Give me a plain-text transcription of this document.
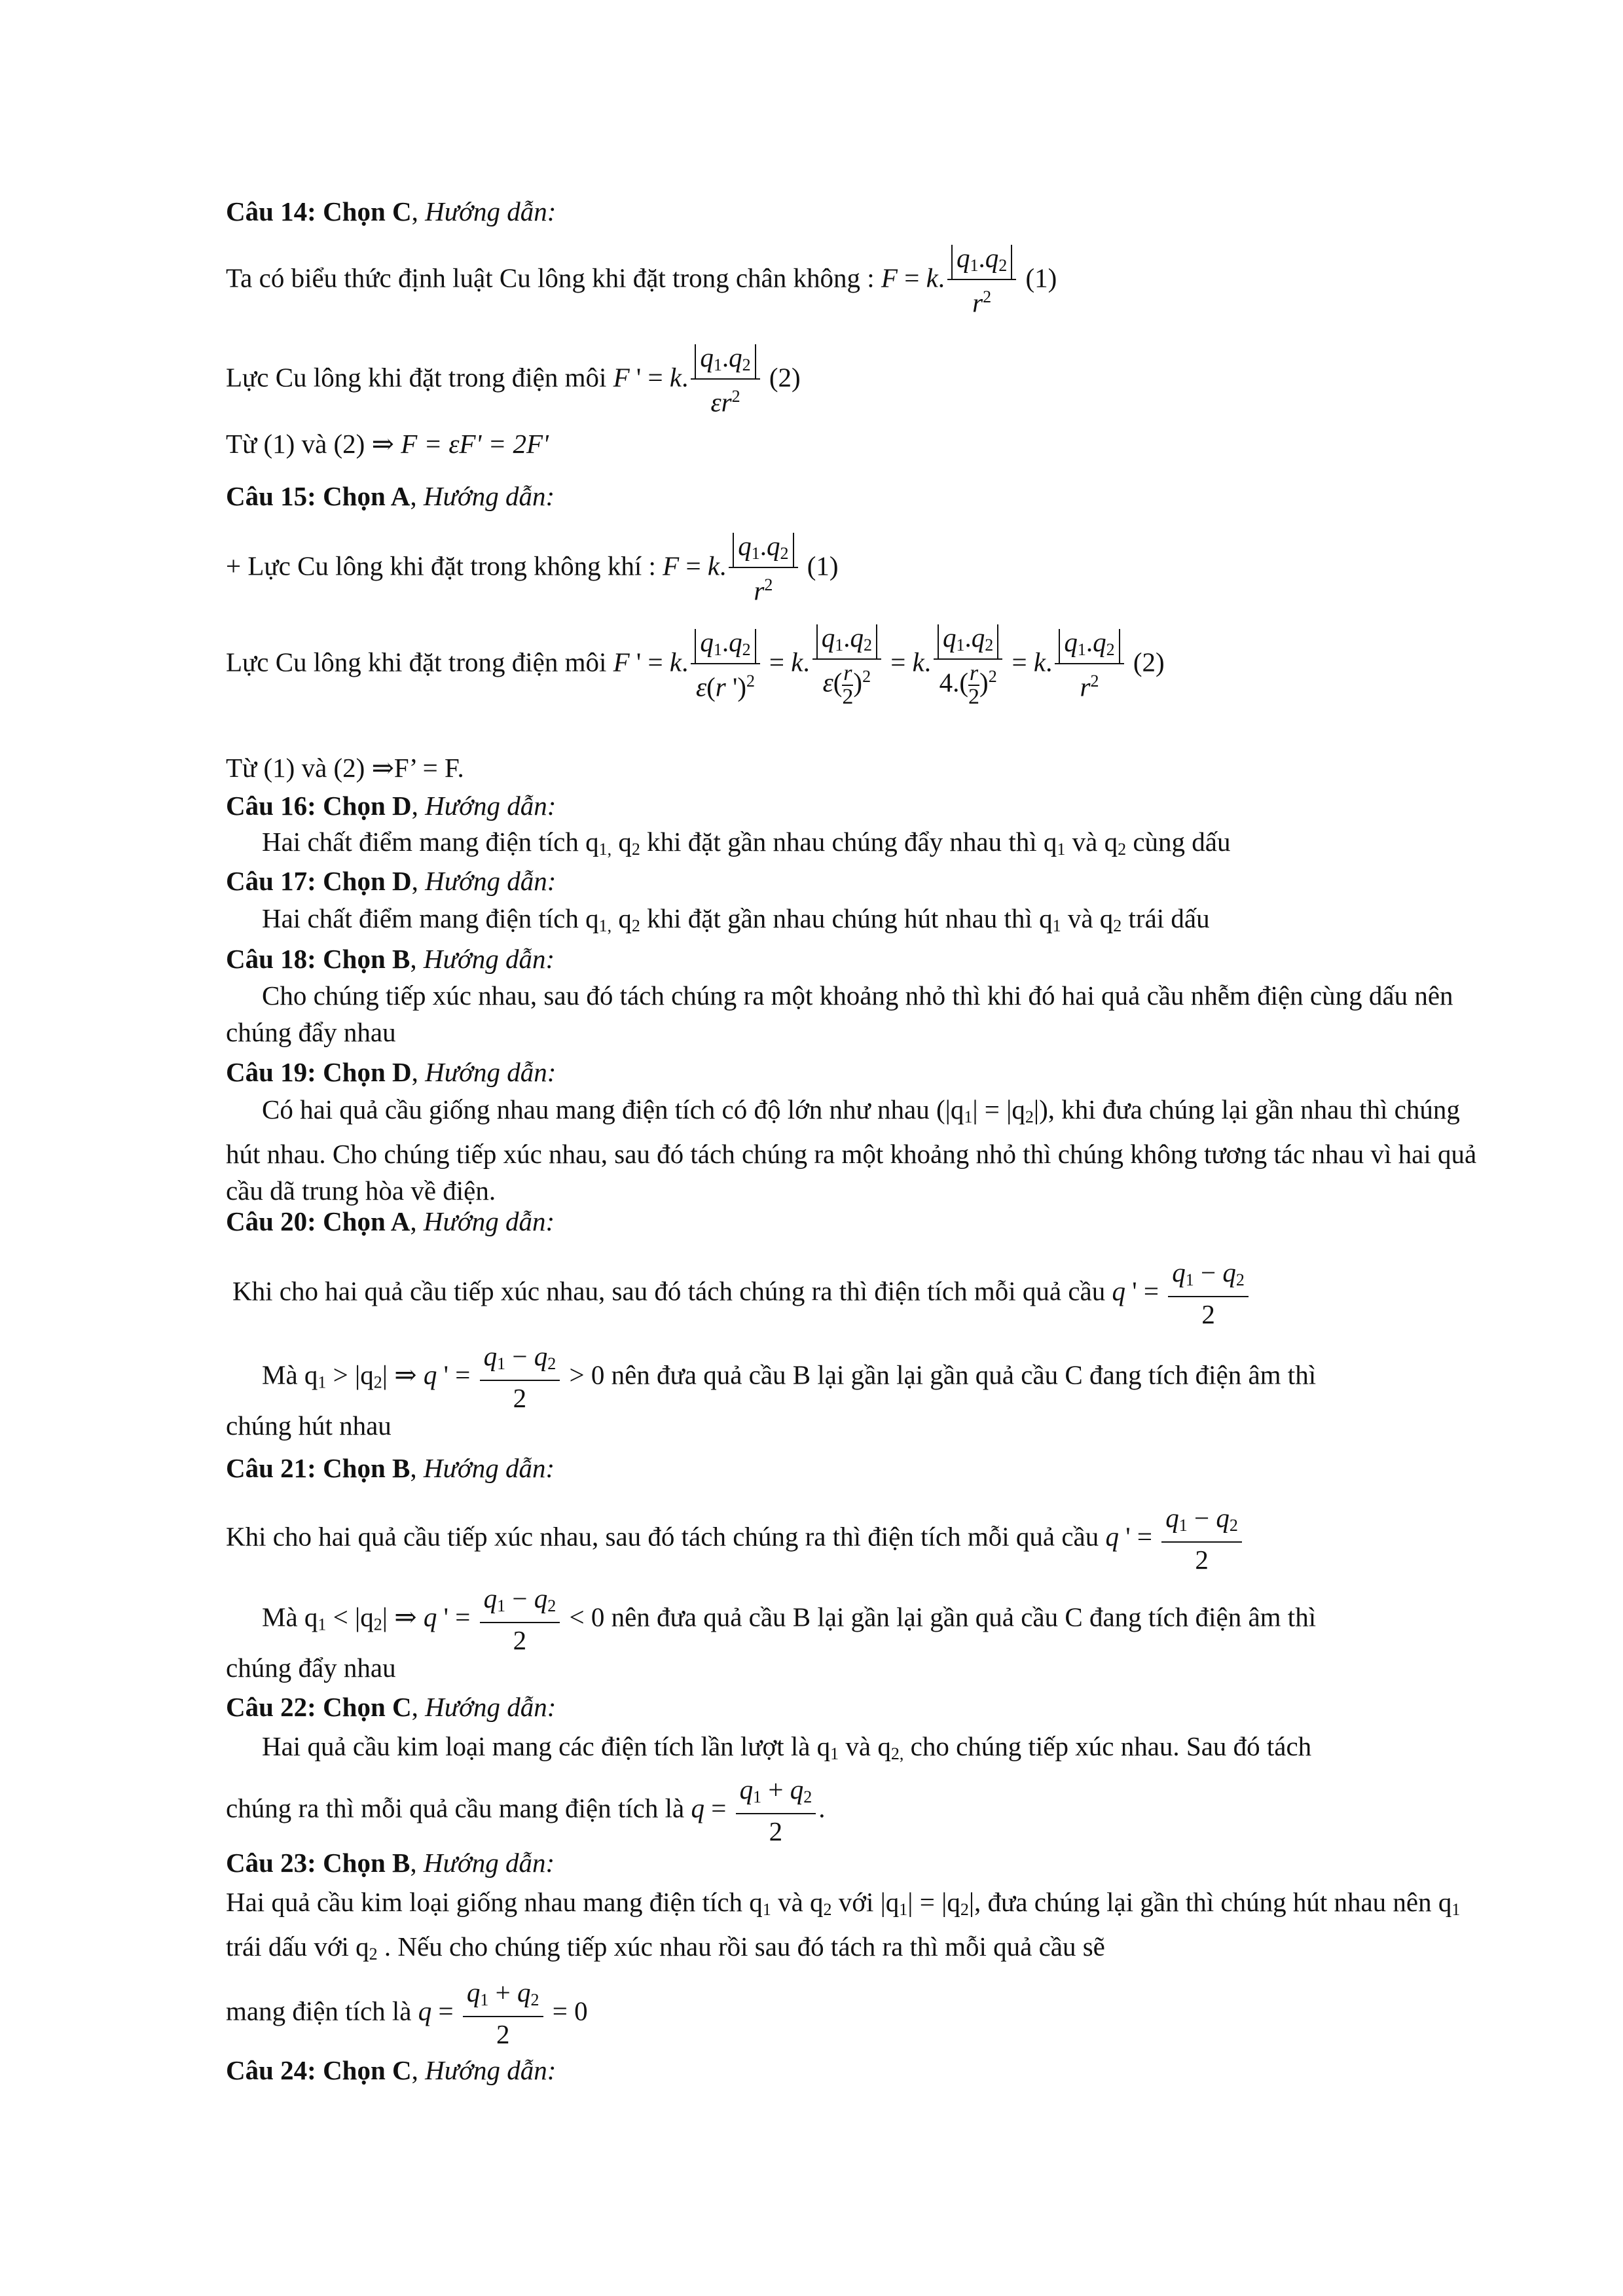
Câu 14: Chọn C, Hướng dẫn:
Ta có biểu thức định luật Cu lông khi đặt trong chân không : F = k. $\frac{q_1.q_2}{r^2} (1)$
Lực Cu lông khi đặt trong điện môi F ' = k. $\frac{q_1.q_2}{\varepsilon r^2} (2)$
Từ (1) và (2) ⇒ F = εF' = 2F'
Câu 15: Chọn A, Hướng dẫn:
+ Lực Cu lông khi đặt trong không khí : F = k. $\frac{q_1.q_2}{r^2} (1)$
Lực Cu lông khi đặt trong điện môi F ' = k. $\frac{q_1.q_2}{\varepsilon(r ')^2} = k$. $\frac{q_1.q_2}{\varepsilon( \frac{r}{2} )^2} = k$. $\frac{q_1.q_2}{4.( \frac{r}{2} )^2} = k$. $\frac{q_1.q_2}{r^2} (2)$
Từ (1) và (2) ⇒F’ = F.
Câu 16: Chọn D, Hướng dẫn:
Hai chất điểm mang điện tích $q_{1,}$ $q_2$ khi đặt gần nhau chúng đẩy nhau thì $q_1$ và $q_2$ cùng dấu
Câu 17: Chọn D, Hướng dẫn:
Hai chất điểm mang điện tích $q_{1,}$ $q_2$ khi đặt gần nhau chúng hút nhau thì $q_1$ và $q_2$ trái dấu
Câu 18: Chọn B, Hướng dẫn:
Cho chúng tiếp xúc nhau, sau đó tách chúng ra một khoảng nhỏ thì khi đó hai quả cầu nhễm điện cùng dấu nên chúng đẩy nhau
Câu 19: Chọn D, Hướng dẫn:
Có hai quả cầu giống nhau mang điện tích có độ lớn như nhau $(|q_1| = |q_2|)$, khi đưa chúng lại gần nhau thì chúng hút nhau. Cho chúng tiếp xúc nhau, sau đó tách chúng ra một khoảng nhỏ thì chúng không tương tác nhau vì hai quả cầu dã trung hòa về điện.
Câu 20: Chọn A, Hướng dẫn:
Khi cho hai quả cầu tiếp xúc nhau, sau đó tách chúng ra thì điện tích mỗi quả cầu q ' = $\frac{q_1 - q_2}{2}$
Mà $q_1 > |q_2|$ ⇒ q ' = $\frac{q_1 - q_2}{2} > 0$ nên đưa quả cầu B lại gần lại gần quả cầu C đang tích điện âm thì
chúng hút nhau
Câu 21: Chọn B, Hướng dẫn:
Khi cho hai quả cầu tiếp xúc nhau, sau đó tách chúng ra thì điện tích mỗi quả cầu q ' = $\frac{q_1 - q_2}{2}$
Mà $q_1 < |q_2|$ ⇒ q ' = $\frac{q_1 - q_2}{2} < 0$ nên đưa quả cầu B lại gần lại gần quả cầu C đang tích điện âm thì
chúng đẩy nhau
Câu 22: Chọn C, Hướng dẫn:
Hai quả cầu kim loại mang các điện tích lần lượt là $q_1$ và $q_{2,}$ cho chúng tiếp xúc nhau. Sau đó tách
chúng ra thì mỗi quả cầu mang điện tích là $q = \frac{q_1 + q_2}{2}$ .
Câu 23: Chọn B, Hướng dẫn:
Hai quả cầu kim loại giống nhau mang điện tích $q_1$ và $q_2$ với $|q_1| = |q_2|$, đưa chúng lại gần thì chúng hút nhau nên $q_1$ trái dấu với $q_2$ . Nếu cho chúng tiếp xúc nhau rồi sau đó tách ra thì mỗi quả cầu sẽ
mang điện tích là $q = \frac{q_1 + q_2}{2} = 0$
Câu 24: Chọn C, Hướng dẫn:
